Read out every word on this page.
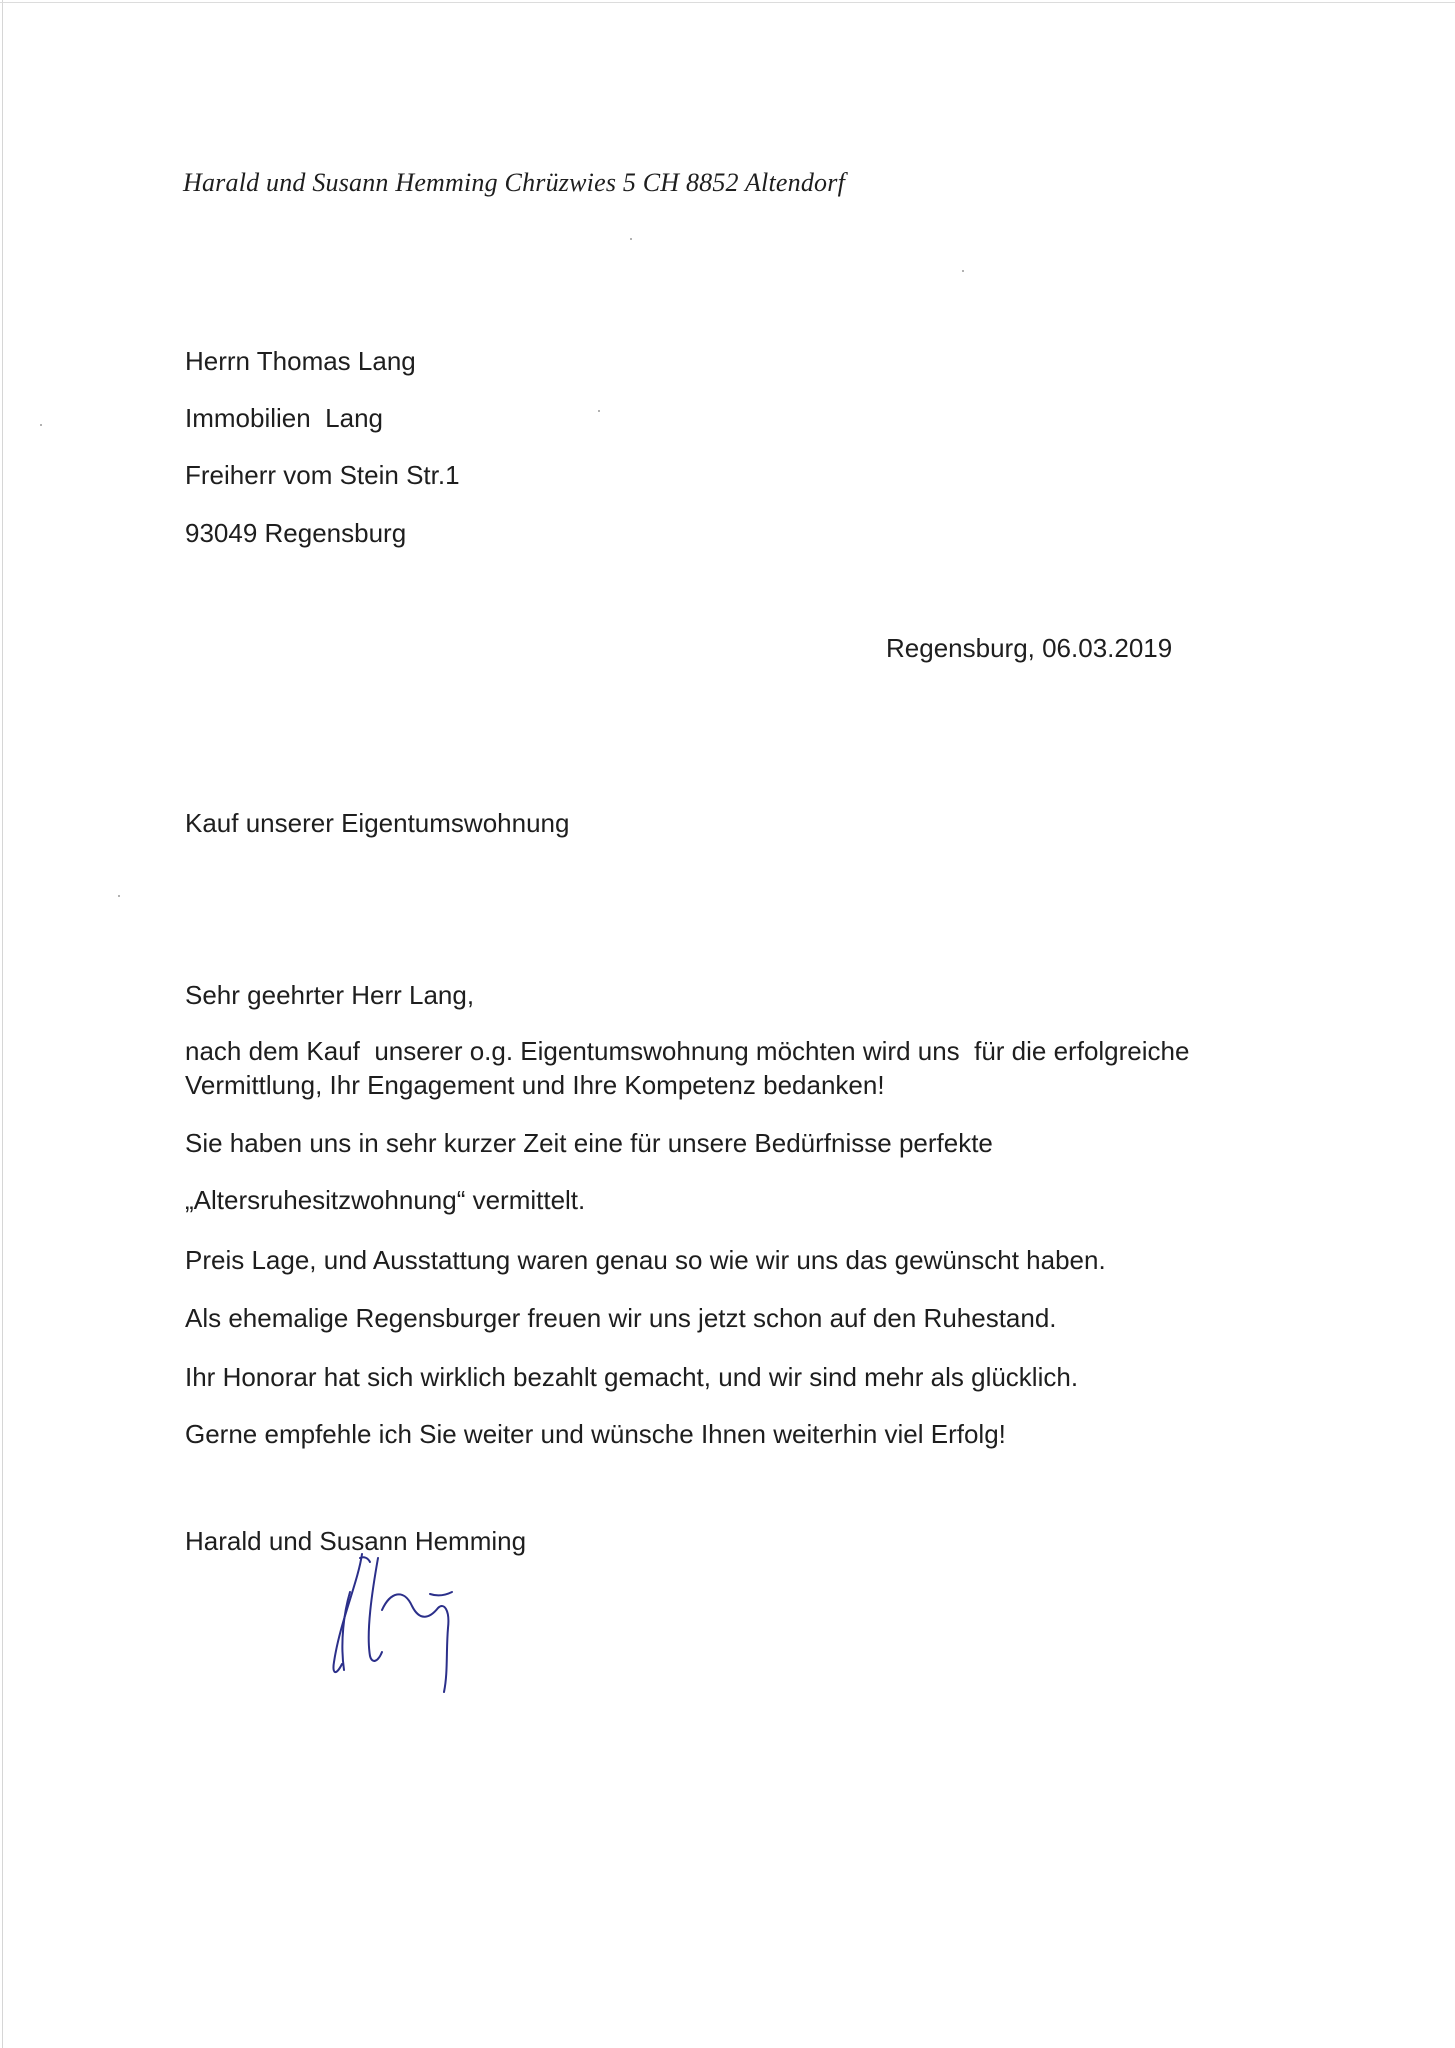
Harald und Susann Hemming Chrüzwies 5 CH 8852 Altendorf
Herrn Thomas Lang
Immobilien  Lang
Freiherr vom Stein Str.1
93049 Regensburg
Regensburg, 06.03.2019
Kauf unserer Eigentumswohnung
Sehr geehrter Herr Lang,
nach dem Kauf  unserer o.g. Eigentumswohnung möchten wird uns  für die erfolgreiche Vermittlung, Ihr Engagement und Ihre Kompetenz bedanken!
Sie haben uns in sehr kurzer Zeit eine für unsere Bedürfnisse perfekte
„Altersruhesitzwohnung“ vermittelt.
Preis Lage, und Ausstattung waren genau so wie wir uns das gewünscht haben.
Als ehemalige Regensburger freuen wir uns jetzt schon auf den Ruhestand.
Ihr Honorar hat sich wirklich bezahlt gemacht, und wir sind mehr als glücklich.
Gerne empfehle ich Sie weiter und wünsche Ihnen weiterhin viel Erfolg!
Harald und Susann Hemming
